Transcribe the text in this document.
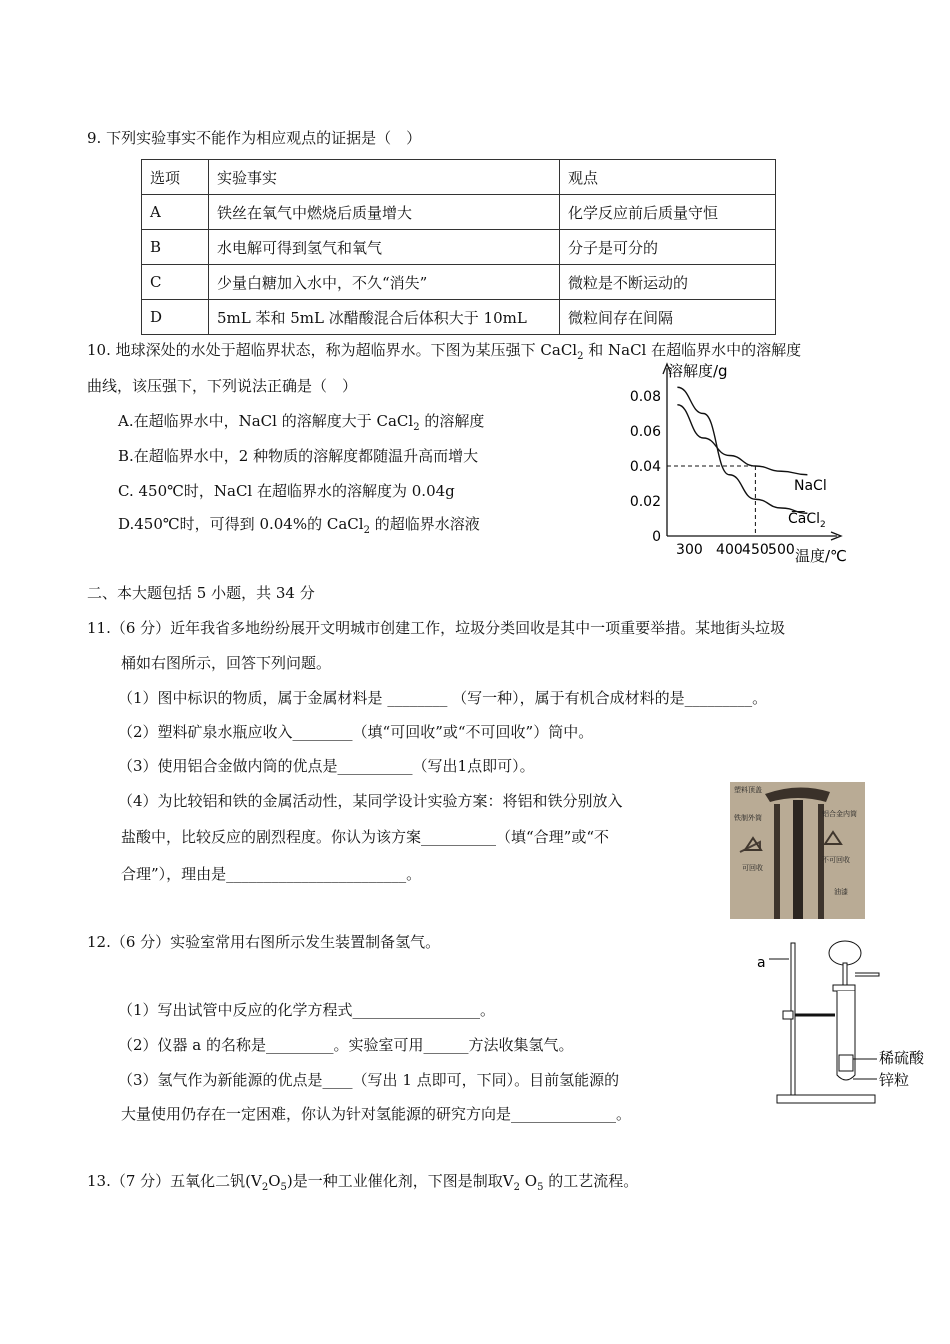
9. 下列实验事实不能作为相应观点的证据是（　）
选项	实验事实	观点
A	铁丝在氧气中燃烧后质量增大	化学反应前后质量守恒
B	水电解可得到氢气和氧气	分子是可分的
C	少量白糖加入水中，不久“消失”	微粒是不断运动的
D	5mL 苯和 5mL 冰醋酸混合后体积大于 10mL	微粒间存在间隔
10. 地球深处的水处于超临界状态，称为超临界水。下图为某压强下 CaCl$_2$ 和 NaCl 在超临界水中的溶解度
曲线，该压强下，下列说法正确是（　）
A.在超临界水中，NaCl 的溶解度大于 CaCl$_2$ 的溶解度
B.在超临界水中，2 种物质的溶解度都随温升高而增大
C. 450℃时，NaCl 在超临界水的溶解度为 0.04g
D.450℃时，可得到 0.04%的 CaCl$_2$ 的超临界水溶液
溶解度/g
温度/℃
NaCl
CaCl$_2$
0
0.02
0.04
0.06
0.08
300 400 450 500
二、本大题包括 5 小题，共 34 分
11.（6 分）近年我省多地纷纷展开文明城市创建工作，垃圾分类回收是其中一项重要举措。某地街头垃圾
桶如右图所示，回答下列问题。
（1）图中标识的物质，属于金属材料是 ________ （写一种），属于有机合成材料的是_________。
（2）塑料矿泉水瓶应收入________（填“可回收”或“不可回收”）筒中。
（3）使用铝合金做内筒的优点是__________（写出1点即可）。
（4）为比较铝和铁的金属活动性，某同学设计实验方案：将铝和铁分别放入
盐酸中，比较反应的剧烈程度。你认为该方案__________（填“合理”或“不
合理”），理由是________________________。
塑料顶盖
铁制外筒	铝合金内筒
可回收
不可回收
油漆
12.（6 分）实验室常用右图所示发生装置制备氢气。
（1）写出试管中反应的化学方程式_________________。
（2）仪器 a 的名称是_________。实验室可用______方法收集氢气。
（3）氢气作为新能源的优点是____（写出 1 点即可，下同）。目前氢能源的
大量使用仍存在一定困难，你认为针对氢能源的研究方向是______________。
a
稀硫酸
锌粒
13.（7 分）五氧化二钒$(V_2O_5)$是一种工业催化剂，下图是制取$V_2$ $O_5$ 的工艺流程。
